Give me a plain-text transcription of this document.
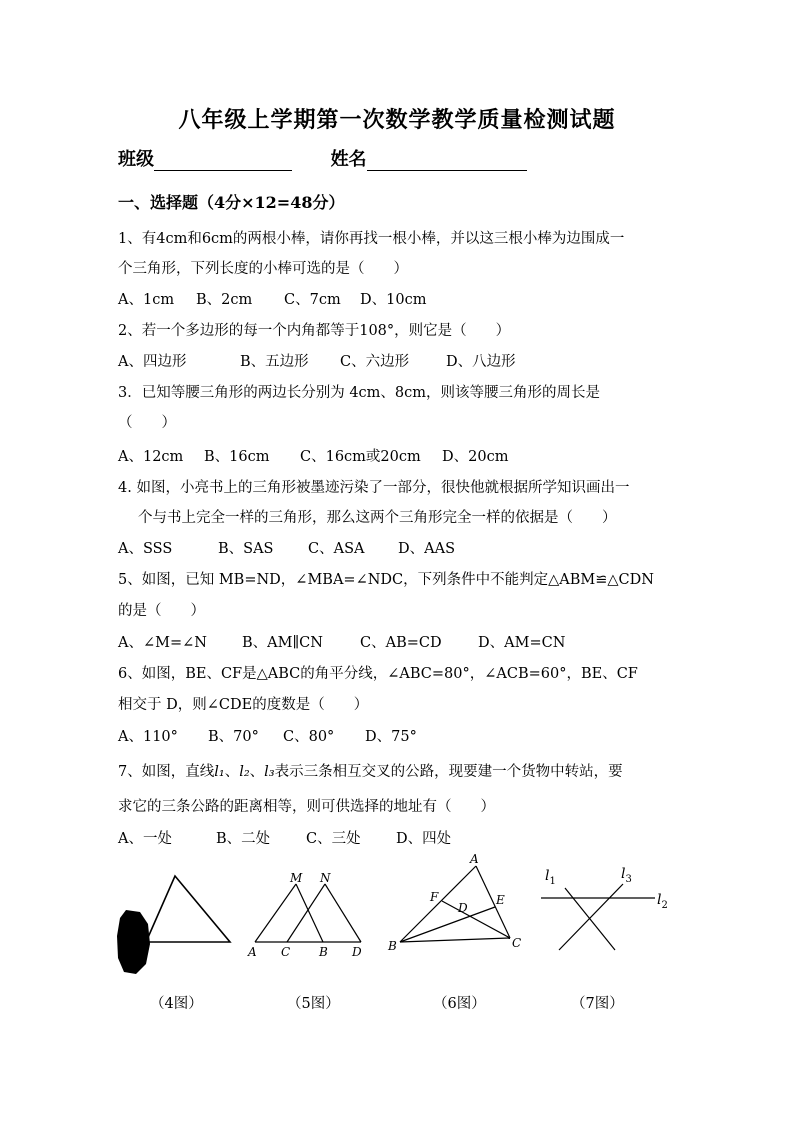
八年级上学期第一次数学教学质量检测试题
班级	姓名
一、选择题（4分×12=48分）
1、有4cm和6cm的两根小棒，请你再找一根小棒，并以这三根小棒为边围成一
个三角形，下列长度的小棒可选的是（　　）
A、1cm B、2cm C、7cm D、10cm
2、若一个多边形的每一个内角都等于108°，则它是（　　）
A、四边形	B、五边形 C、六边形	D、八边形
3．已知等腰三角形的两边长分别为 4cm、8cm，则该等腰三角形的周长是
（　　）
A、12cm B、16cm C、16cm或20cm D、20cm
4. 如图，小亮书上的三角形被墨迹污染了一部分，很快他就根据所学知识画出一
个与书上完全一样的三角形，那么这两个三角形完全一样的依据是（　　）
A、SSS	B、SAS C、ASA D、AAS
5、如图，已知 MB=ND，∠MBA=∠NDC，下列条件中不能判定△ABM≌△CDN
的是（　　）
A、∠M=∠N B、AM∥CN	C、AB=CD	D、AM=CN
6、如图，BE、CF是△ABC的角平分线，∠ABC=80°，∠ACB=60°，BE、CF
相交于 D，则∠CDE的度数是（　　）
A、110° B、70° C、80° D、75°
7、如图，直线l₁、l₂、l₃表示三条相互交叉的公路，现要建一个货物中转站，要
求它的三条公路的距离相等，则可供选择的地址有（　　）
A、一处	B、二处 C、三处 D、四处
M N
A C B D
A
F	E
D
B	C
$l_1$	$l_3$
$l_2$
（4图）	（5图）	（6图）	（7图）
